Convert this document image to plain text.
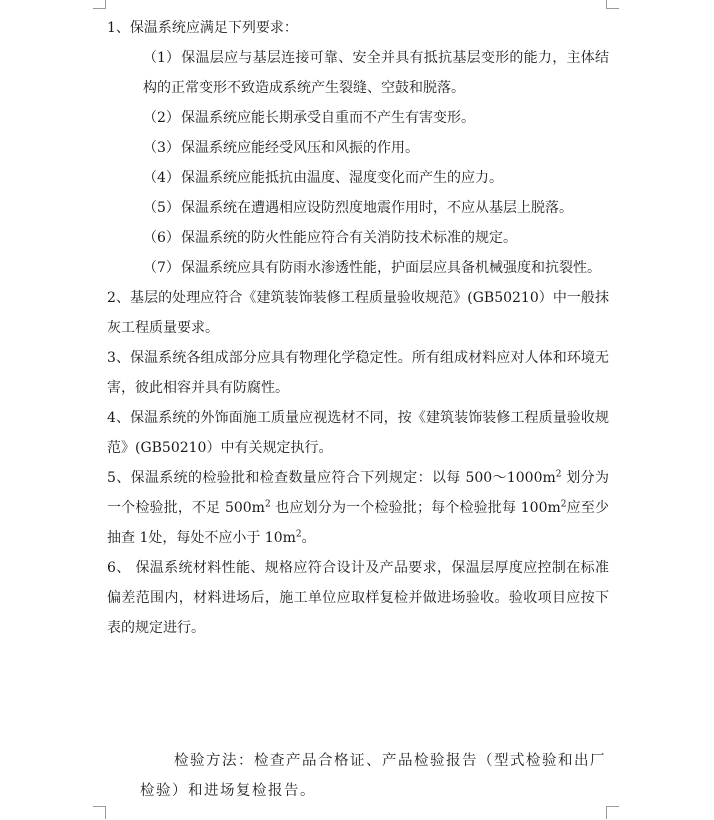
1、保温系统应满足下列要求：

（1）保温层应与基层连接可靠、安全并具有抵抗基层变形的能力，主体结构的正常变形不致造成系统产生裂缝、空鼓和脱落。

（2）保温系统应能长期承受自重而不产生有害变形。

（3）保温系统应能经受风压和风振的作用。

（4）保温系统应能抵抗由温度、湿度变化而产生的应力。

（5）保温系统在遭遇相应设防烈度地震作用时，不应从基层上脱落。

（6）保温系统的防火性能应符合有关消防技术标准的规定。

（7）保温系统应具有防雨水渗透性能，护面层应具备机械强度和抗裂性。

2、基层的处理应符合《建筑装饰装修工程质量验收规范》(GB50210）中一般抹灰工程质量要求。

3、保温系统各组成部分应具有物理化学稳定性。所有组成材料应对人体和环境无害，彼此相容并具有防腐性。

4、保温系统的外饰面施工质量应视选材不同，按《建筑装饰装修工程质量验收规范》(GB50210）中有关规定执行。

5、保温系统的检验批和检查数量应符合下列规定：以每 $500\sim 1000m^2$ 划分为一个检验批，不足 $500m^2$ 也应划分为一个检验批；每个检验批每 $100m^2$应至少抽查 1处，每处不应小于 $10m^2$。

6、 保温系统材料性能、规格应符合设计及产品要求，保温层厚度应控制在标准偏差范围内，材料进场后，施工单位应取样复检并做进场验收。验收项目应按下表的规定进行。

检验方法：检查产品合格证、产品检验报告（型式检验和出厂检验）和进场复检报告。
